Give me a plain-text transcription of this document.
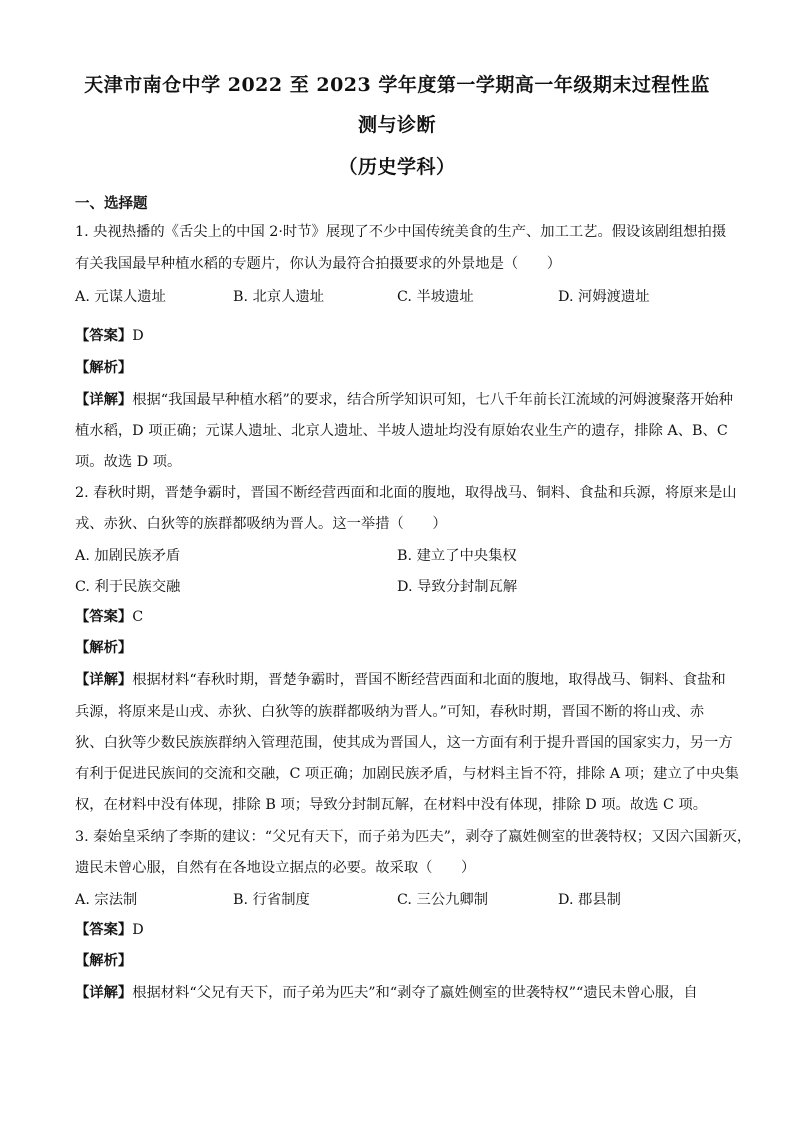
天津市南仓中学 2022 至 2023 学年度第一学期高一年级期末过程性监
测与诊断
（历史学科）
一、选择题
1. 央视热播的《舌尖上的中国 2·时节》展现了不少中国传统美食的生产、加工工艺。假设该剧组想拍摄
有关我国最早种植水稻的专题片，你认为最符合拍摄要求的外景地是（　　）
A. 元谋人遗址	B. 北京人遗址	C. 半坡遗址	D. 河姆渡遗址
【答案】D
【解析】
【详解】根据“我国最早种植水稻”的要求，结合所学知识可知，七八千年前长江流域的河姆渡聚落开始种
植水稻，D 项正确；元谋人遗址、北京人遗址、半坡人遗址均没有原始农业生产的遗存，排除 A、B、C
项。故选 D 项。
2. 春秋时期，晋楚争霸时，晋国不断经营西面和北面的腹地，取得战马、铜料、食盐和兵源，将原来是山
戎、赤狄、白狄等的族群都吸纳为晋人。这一举措（　　）
A. 加剧民族矛盾	B. 建立了中央集权
C. 利于民族交融	D. 导致分封制瓦解
【答案】C
【解析】
【详解】根据材料“春秋时期，晋楚争霸时，晋国不断经营西面和北面的腹地，取得战马、铜料、食盐和
兵源，将原来是山戎、赤狄、白狄等的族群都吸纳为晋人。”可知，春秋时期，晋国不断的将山戎、赤
狄、白狄等少数民族族群纳入管理范围，使其成为晋国人，这一方面有利于提升晋国的国家实力，另一方
有利于促进民族间的交流和交融，C 项正确；加剧民族矛盾，与材料主旨不符，排除 A 项；建立了中央集
权，在材料中没有体现，排除 B 项；导致分封制瓦解，在材料中没有体现，排除 D 项。故选 C 项。
3. 秦始皇采纳了李斯的建议：“父兄有天下，而子弟为匹夫”，剥夺了嬴姓侧室的世袭特权；又因六国新灭，
遗民未曾心服，自然有在各地设立据点的必要。故采取（　　）
A. 宗法制	B. 行省制度	C. 三公九卿制	D. 郡县制
【答案】D
【解析】
【详解】根据材料“父兄有天下，而子弟为匹夫”和“剥夺了嬴姓侧室的世袭特权”“遗民未曾心服，自
